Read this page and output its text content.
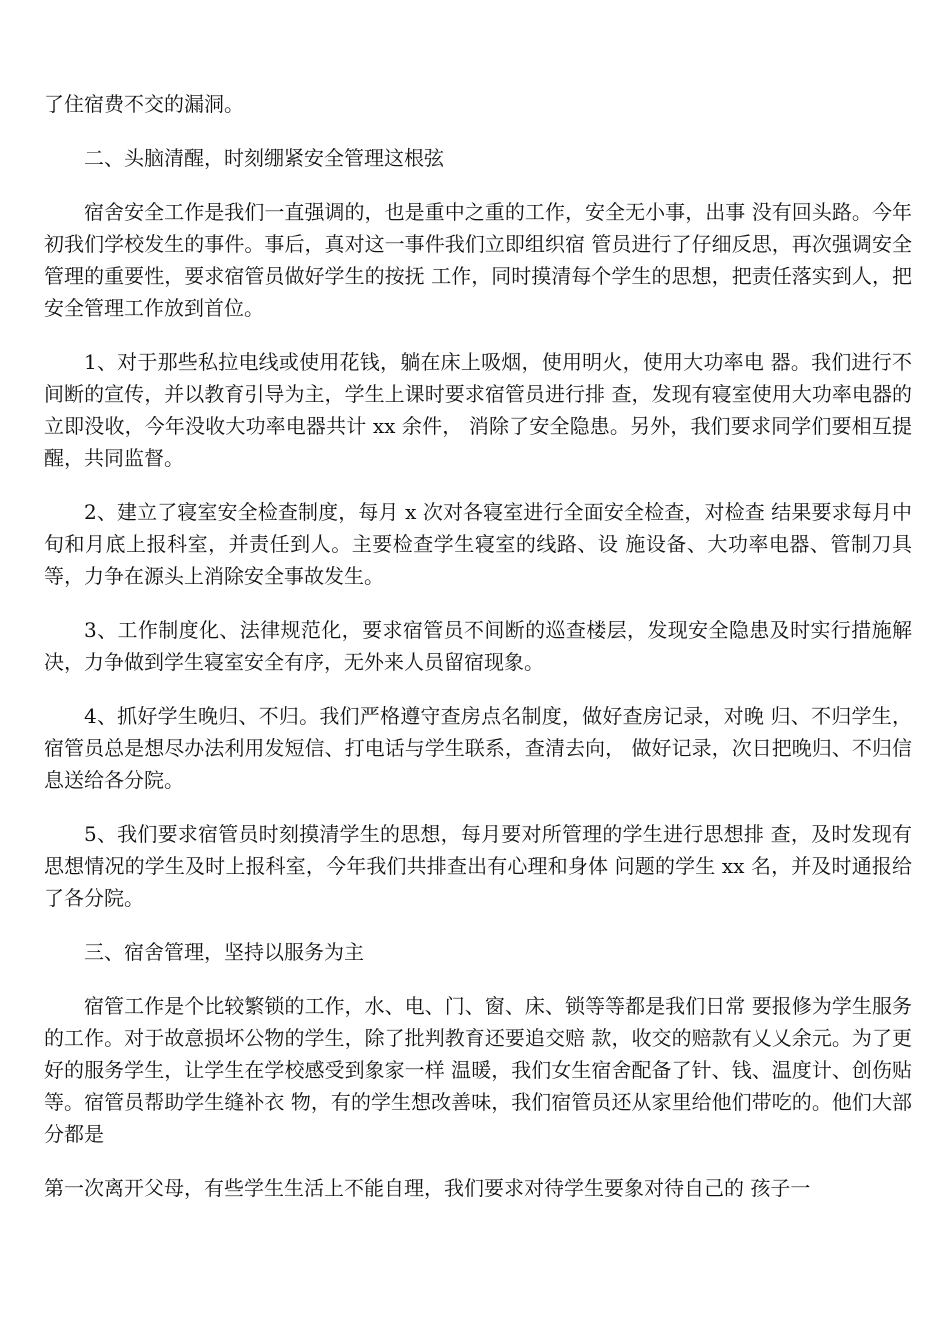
了住宿费不交的漏洞。

二、头脑清醒，时刻绷紧安全管理这根弦

宿舍安全工作是我们一直强调的，也是重中之重的工作，安全无小事，出事 没有回头路。今年初我们学校发生的事件。事后，真对这一事件我们立即组织宿 管员进行了仔细反思，再次强调安全管理的重要性，要求宿管员做好学生的按抚 工作，同时摸清每个学生的思想，把责任落实到人，把安全管理工作放到首位。

1、对于那些私拉电线或使用花钱，躺在床上吸烟，使用明火，使用大功率电 器。我们进行不间断的宣传，并以教育引导为主，学生上课时要求宿管员进行排 查，发现有寝室使用大功率电器的立即没收，今年没收大功率电器共计 xx 余件， 消除了安全隐患。另外，我们要求同学们要相互提醒，共同监督。

2、建立了寝室安全检查制度，每月 x 次对各寝室进行全面安全检查，对检查 结果要求每月中旬和月底上报科室，并责任到人。主要检查学生寝室的线路、设 施设备、大功率电器、管制刀具等，力争在源头上消除安全事故发生。

3、工作制度化、法律规范化，要求宿管员不间断的巡查楼层，发现安全隐患及时实行措施解决，力争做到学生寝室安全有序，无外来人员留宿现象。

4、抓好学生晚归、不归。我们严格遵守查房点名制度，做好查房记录，对晚 归、不归学生，宿管员总是想尽办法利用发短信、打电话与学生联系，查清去向， 做好记录，次日把晚归、不归信息送给各分院。

5、我们要求宿管员时刻摸清学生的思想，每月要对所管理的学生进行思想排 查，及时发现有思想情况的学生及时上报科室，今年我们共排查出有心理和身体 问题的学生 xx 名，并及时通报给了各分院。

三、宿舍管理，坚持以服务为主

宿管工作是个比较繁锁的工作，水、电、门、窗、床、锁等等都是我们日常 要报修为学生服务的工作。对于故意损坏公物的学生，除了批判教育还要追交赔 款，收交的赔款有乂乂余元。为了更好的服务学生，让学生在学校感受到象家一样 温暖，我们女生宿舍配备了针、钱、温度计、创伤贴等。宿管员帮助学生缝补衣 物，有的学生想改善味，我们宿管员还从家里给他们带吃的。他们大部分都是

第一次离开父母，有些学生生活上不能自理，我们要求对待学生要象对待自己的 孩子一
